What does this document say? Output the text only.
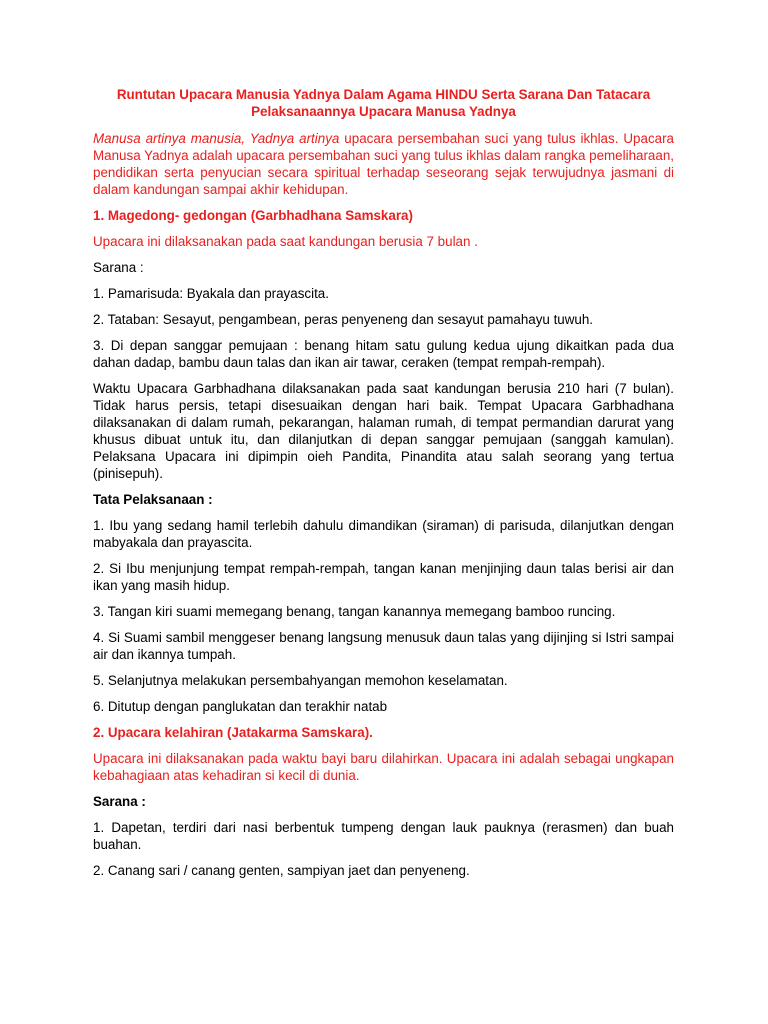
Runtutan Upacara Manusia Yadnya Dalam Agama HINDU Serta Sarana Dan Tatacara Pelaksanaannya Upacara Manusa Yadnya

Manusa artinya manusia, Yadnya artinya upacara persembahan suci yang tulus ikhlas. Upacara Manusa Yadnya adalah upacara persembahan suci yang tulus ikhlas dalam rangka pemeliharaan, pendidikan serta penyucian secara spiritual terhadap seseorang sejak terwujudnya jasmani di dalam kandungan sampai akhir kehidupan.

1. Magedong- gedongan (Garbhadhana Samskara)

Upacara ini dilaksanakan pada saat kandungan berusia 7 bulan .

Sarana :

1. Pamarisuda: Byakala dan prayascita.

2. Tataban: Sesayut, pengambean, peras penyeneng dan sesayut pamahayu tuwuh.

3. Di depan sanggar pemujaan : benang hitam satu gulung kedua ujung dikaitkan pada dua dahan dadap, bambu daun talas dan ikan air tawar, ceraken (tempat rempah-rempah).

Waktu Upacara Garbhadhana dilaksanakan pada saat kandungan berusia 210 hari (7 bulan). Tidak harus persis, tetapi disesuaikan dengan hari baik. Tempat Upacara Garbhadhana dilaksanakan di dalam rumah, pekarangan, halaman rumah, di tempat permandian darurat yang khusus dibuat untuk itu, dan dilanjutkan di depan sanggar pemujaan (sanggah kamulan). Pelaksana Upacara ini dipimpin oieh Pandita, Pinandita atau salah seorang yang tertua (pinisepuh).

Tata Pelaksanaan :

1. Ibu yang sedang hamil terlebih dahulu dimandikan (siraman) di parisuda, dilanjutkan dengan mabyakala dan prayascita.

2. Si Ibu menjunjung tempat rempah-rempah, tangan kanan menjinjing daun talas berisi air dan ikan yang masih hidup.

3. Tangan kiri suami memegang benang, tangan kanannya memegang bamboo runcing.

4. Si Suami sambil menggeser benang langsung menusuk daun talas yang dijinjing si Istri sampai air dan ikannya tumpah.

5. Selanjutnya melakukan persembahyangan memohon keselamatan.

6. Ditutup dengan panglukatan dan terakhir natab

2. Upacara kelahiran (Jatakarma Samskara).

Upacara ini dilaksanakan pada waktu bayi baru dilahirkan. Upacara ini adalah sebagai ungkapan kebahagiaan atas kehadiran si kecil di dunia.

Sarana :

1. Dapetan, terdiri dari nasi berbentuk tumpeng dengan lauk pauknya (rerasmen) dan buah buahan.

2. Canang sari / canang genten, sampiyan jaet dan penyeneng.
